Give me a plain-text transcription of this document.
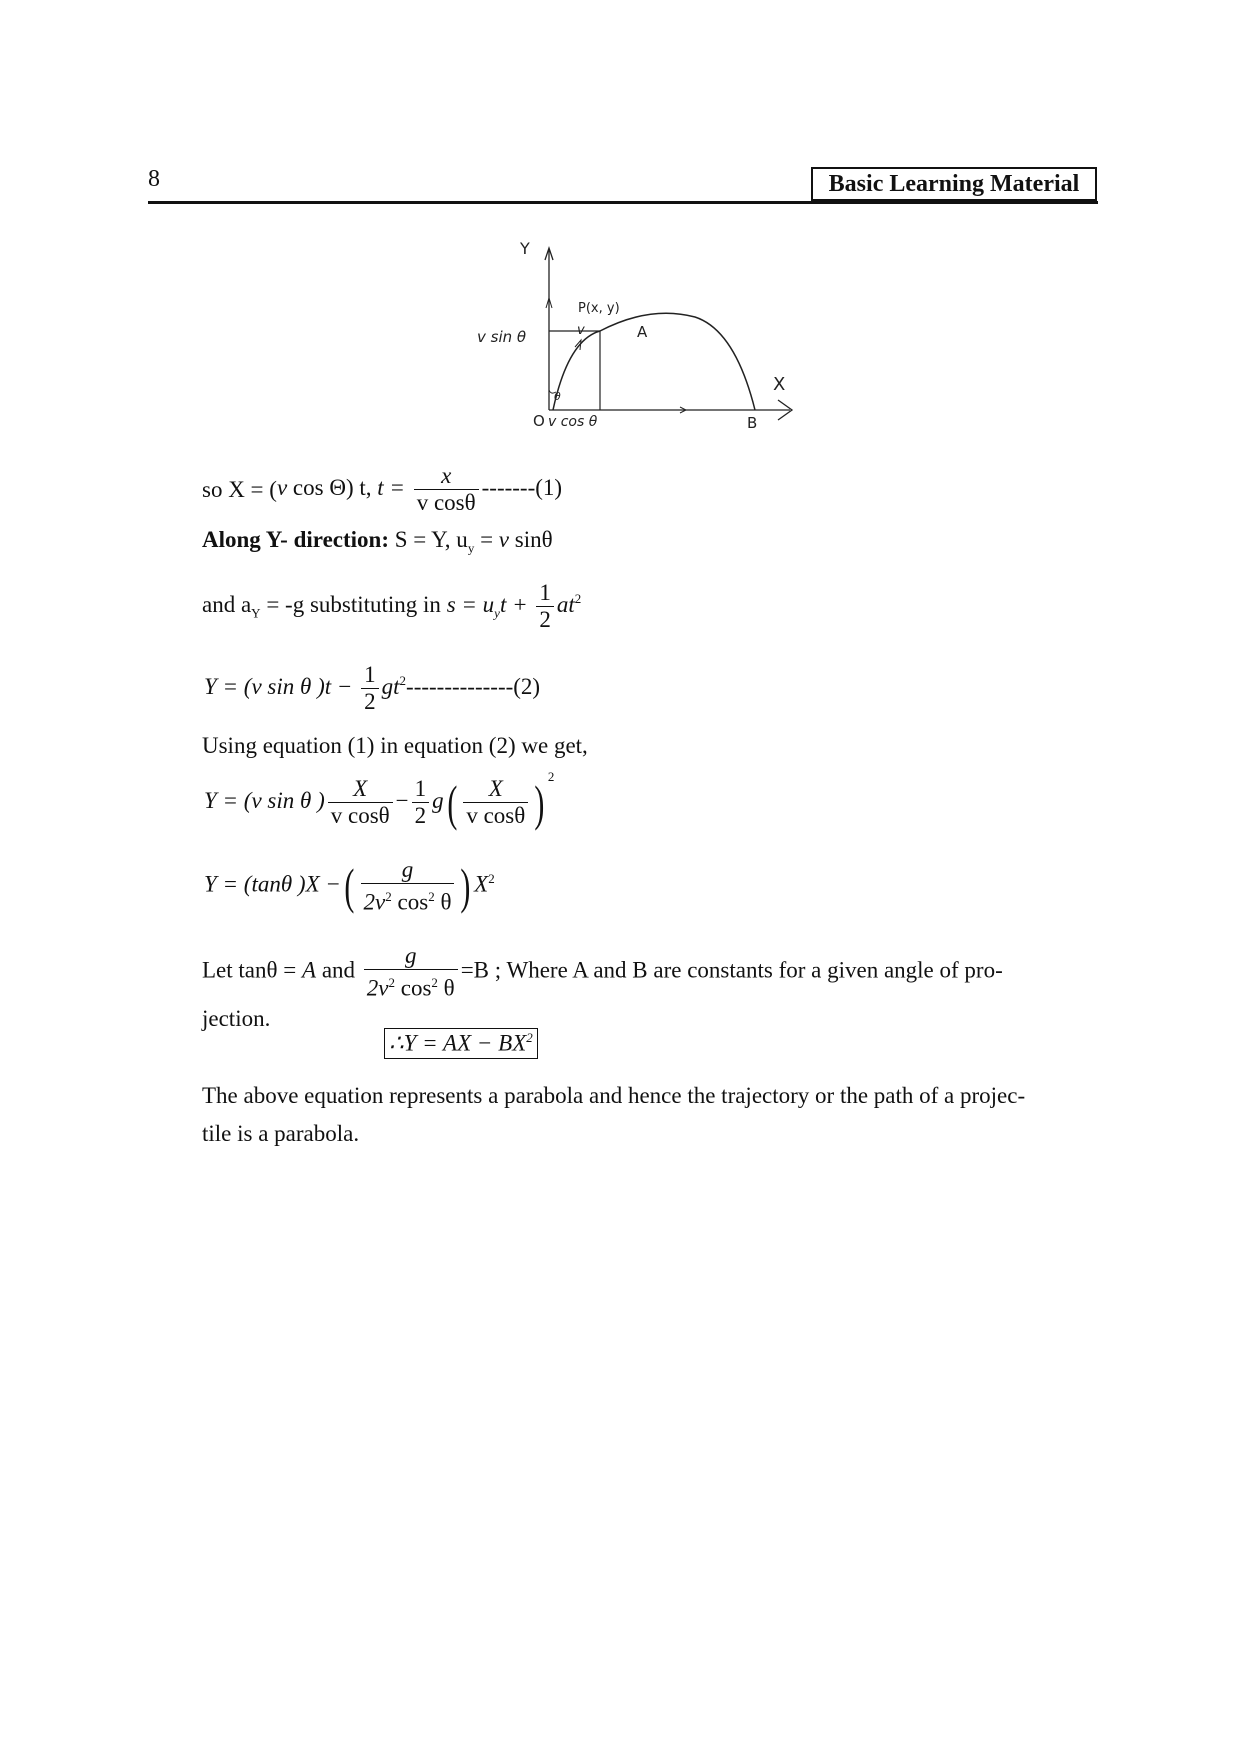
8	Basic Learning Material
Y
X
O
P(x, y)
A
B
v
θ
v sin θ
v cos θ
so X = (v cos Θ) t, $t = \frac{x}{\text{v cosθ}} -------(1)$
Along Y- direction: S = Y, $u_y = v$ sinθ
and $a_Y = -g$ substituting in $s = u_yt + \frac{1}{2} at^2$
Y = (v sin θ )$t - \frac{1}{2} gt^2--------------(2)$
Using equation (1) in equation (2) we get,
Y = (v sin θ ) $\frac{X}{\text{v cosθ}} - \frac{1}{2} g( \frac{X}{\text{v cosθ}}$ ) $^2$
Y = (tanθ )X −( $\frac{g}{2v^2 \cos^2 \theta}$ ) $X^2$
Let tanθ = A and $\frac{g}{2v^2 \cos^2 \theta} =B$ ; Where A and B are constants for a given angle of pro-
jection.
∴Y = AX − $BX^2$
The above equation represents a parabola and hence the trajectory or the path of a projec-
tile is a parabola.
